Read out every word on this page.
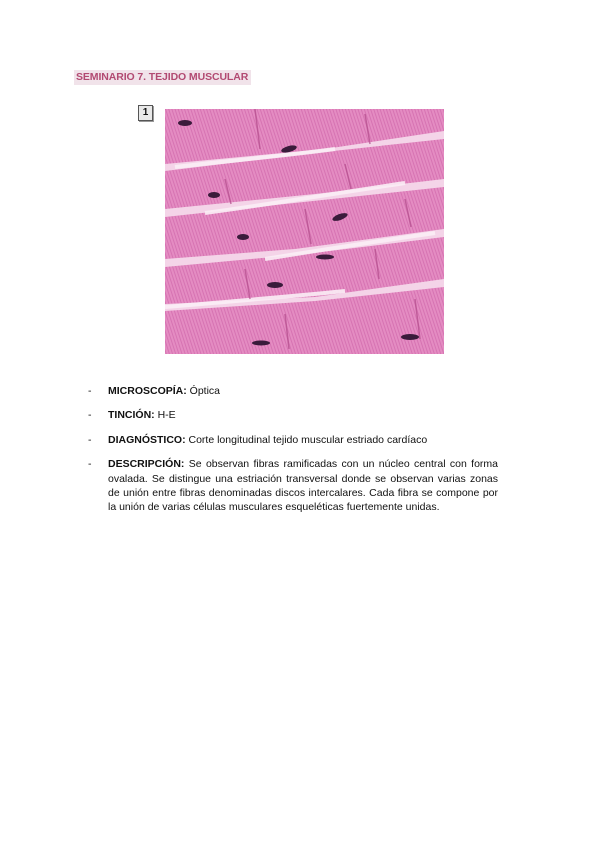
SEMINARIO 7. TEJIDO MUSCULAR
1
- MICROSCOPÍA: Óptica
- TINCIÓN: H-E
- DIAGNÓSTICO: Corte longitudinal tejido muscular estriado cardíaco
- DESCRIPCIÓN: Se observan fibras ramificadas con un núcleo central con forma ovalada. Se distingue una estriación transversal donde se observan varias zonas de unión entre fibras denominadas discos intercalares. Cada fibra se compone por la unión de varias células musculares esqueléticas fuertemente unidas.
